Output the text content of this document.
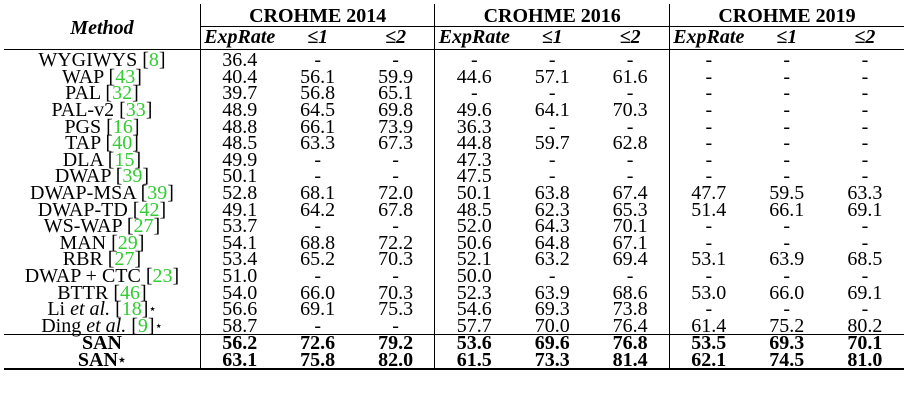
Method	CROHME 2014			CROHME 2016			CROHME 2019		
	ExpRate	≤1	≤2	ExpRate	≤1	≤2	ExpRate	≤1	≤2
WYGIWYS [8]	36.4	-	-	-	-	-	-	-	-
WAP [43]	40.4	56.1	59.9	44.6	57.1	61.6	-	-	-
PAL [32]	39.7	56.8	65.1	-	-	-	-	-	-
PAL-v2 [33]	48.9	64.5	69.8	49.6	64.1	70.3	-	-	-
PGS [16]	48.8	66.1	73.9	36.3	-	-	-	-	-
TAP [40]	48.5	63.3	67.3	44.8	59.7	62.8	-	-	-
DLA [15]	49.9	-	-	47.3	-	-	-	-	-
DWAP [39]	50.1	-	-	47.5	-	-	-	-	-
DWAP-MSA [39]	52.8	68.1	72.0	50.1	63.8	67.4	47.7	59.5	63.3
DWAP-TD [42]	49.1	64.2	67.8	48.5	62.3	65.3	51.4	66.1	69.1
WS-WAP [27]	53.7	-	-	52.0	64.3	70.1	-	-	-
MAN [29]	54.1	68.8	72.2	50.6	64.8	67.1	-	-	-
RBR [27]	53.4	65.2	70.3	52.1	63.2	69.4	53.1	63.9	68.5
DWAP + CTC [23]	51.0	-	-	50.0	-	-	-	-	-
BTTR [46]	54.0	66.0	70.3	52.3	63.9	68.6	53.0	66.0	69.1
Li et al. [18]⋆	56.6	69.1	75.3	54.6	69.3	73.8	-	-	-
Ding et al. [9]⋆	58.7	-	-	57.7	70.0	76.4	61.4	75.2	80.2
SAN	56.2	72.6	79.2	53.6	69.6	76.8	53.5	69.3	70.1
SAN⋆	63.1	75.8	82.0	61.5	73.3	81.4	62.1	74.5	81.0
